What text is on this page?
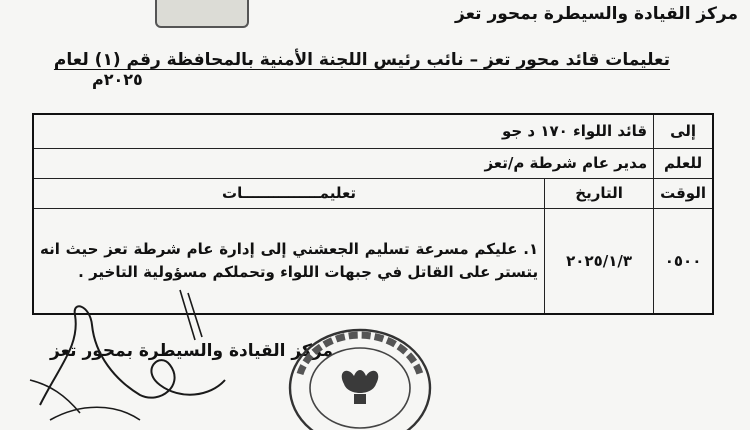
مركز القيادة والسيطرة بمحور تعز
تعليمات قائد محور تعز – نائب رئيس اللجنة الأمنية بالمحافظة رقم (١) لعام
٢٠٢٥م
إلى	قائد اللواء ١٧٠ د جو	
للعلم	مدير عام شرطة م/تعز	
الوقت	التاريخ	تعليمـــــــــــــــات
٠٥٠٠	٢٠٢٥/١/٣	١. عليكم مسرعة تسليم الجعشني إلى إدارة عام شرطة تعز حيث انه يتستر على القاتل في جبهات اللواء وتحملكم مسؤولية التاخير .
مركز القيادة والسيطرة بمحور تعز
